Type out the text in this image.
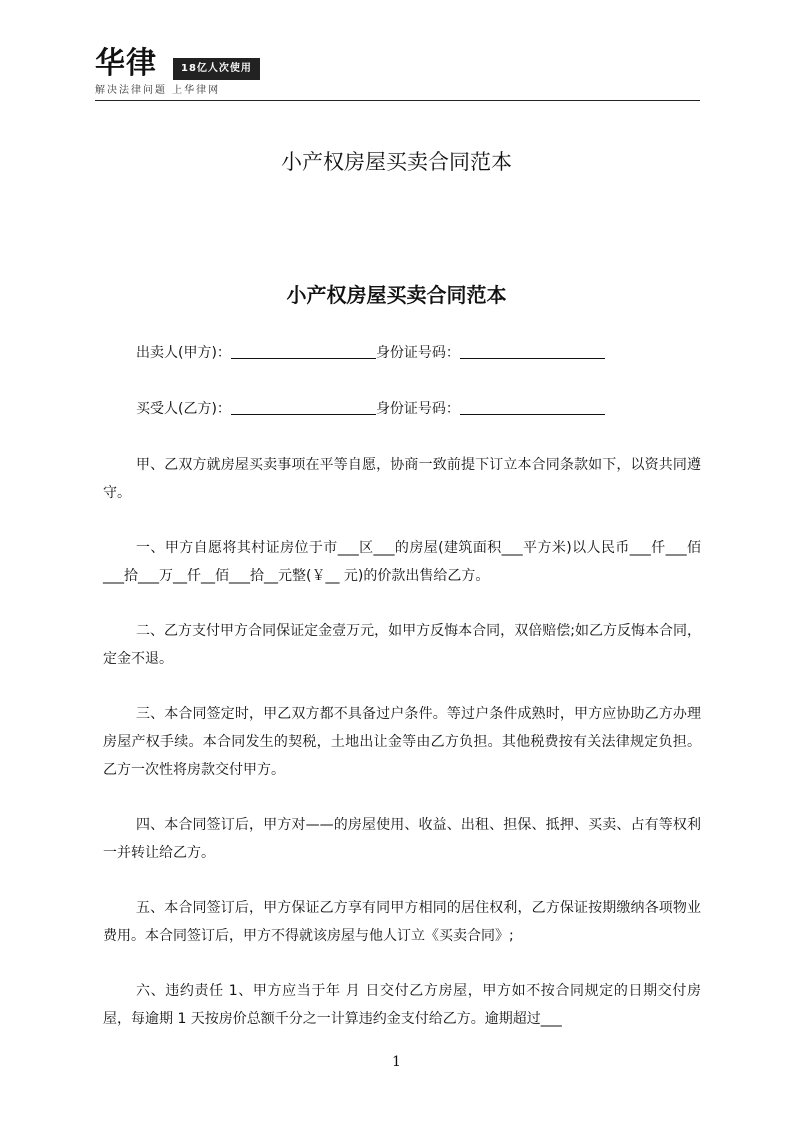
华律	18亿人次使用
解决法律问题 上华律网
小产权房屋买卖合同范本
小产权房屋买卖合同范本

出卖人(甲方)：	身份证号码：

买受人(乙方)：	身份证号码：

甲、乙双方就房屋买卖事项在平等自愿，协商一致前提下订立本合同条款如下，以资共同遵守。

一、甲方自愿将其村证房位于市___区___的房屋(建筑面积___平方米)以人民币___仟___佰___拾___万__仟__佰___拾__元整(￥__ 元)的价款出售给乙方。

二、乙方支付甲方合同保证定金壹万元，如甲方反悔本合同，双倍赔偿;如乙方反悔本合同，定金不退。

三、本合同签定时，甲乙双方都不具备过户条件。等过户条件成熟时，甲方应协助乙方办理房屋产权手续。本合同发生的契税，土地出让金等由乙方负担。其他税费按有关法律规定负担。乙方一次性将房款交付甲方。

四、本合同签订后，甲方对——的房屋使用、收益、出租、担保、抵押、买卖、占有等权利一并转让给乙方。

五、本合同签订后，甲方保证乙方享有同甲方相同的居住权利，乙方保证按期缴纳各项物业费用。本合同签订后，甲方不得就该房屋与他人订立《买卖合同》;

六、违约责任 1、甲方应当于年 月 日交付乙方房屋，甲方如不按合同规定的日期交付房屋，每逾期 1 天按房价总额千分之一计算违约金支付给乙方。逾期超过___

1
